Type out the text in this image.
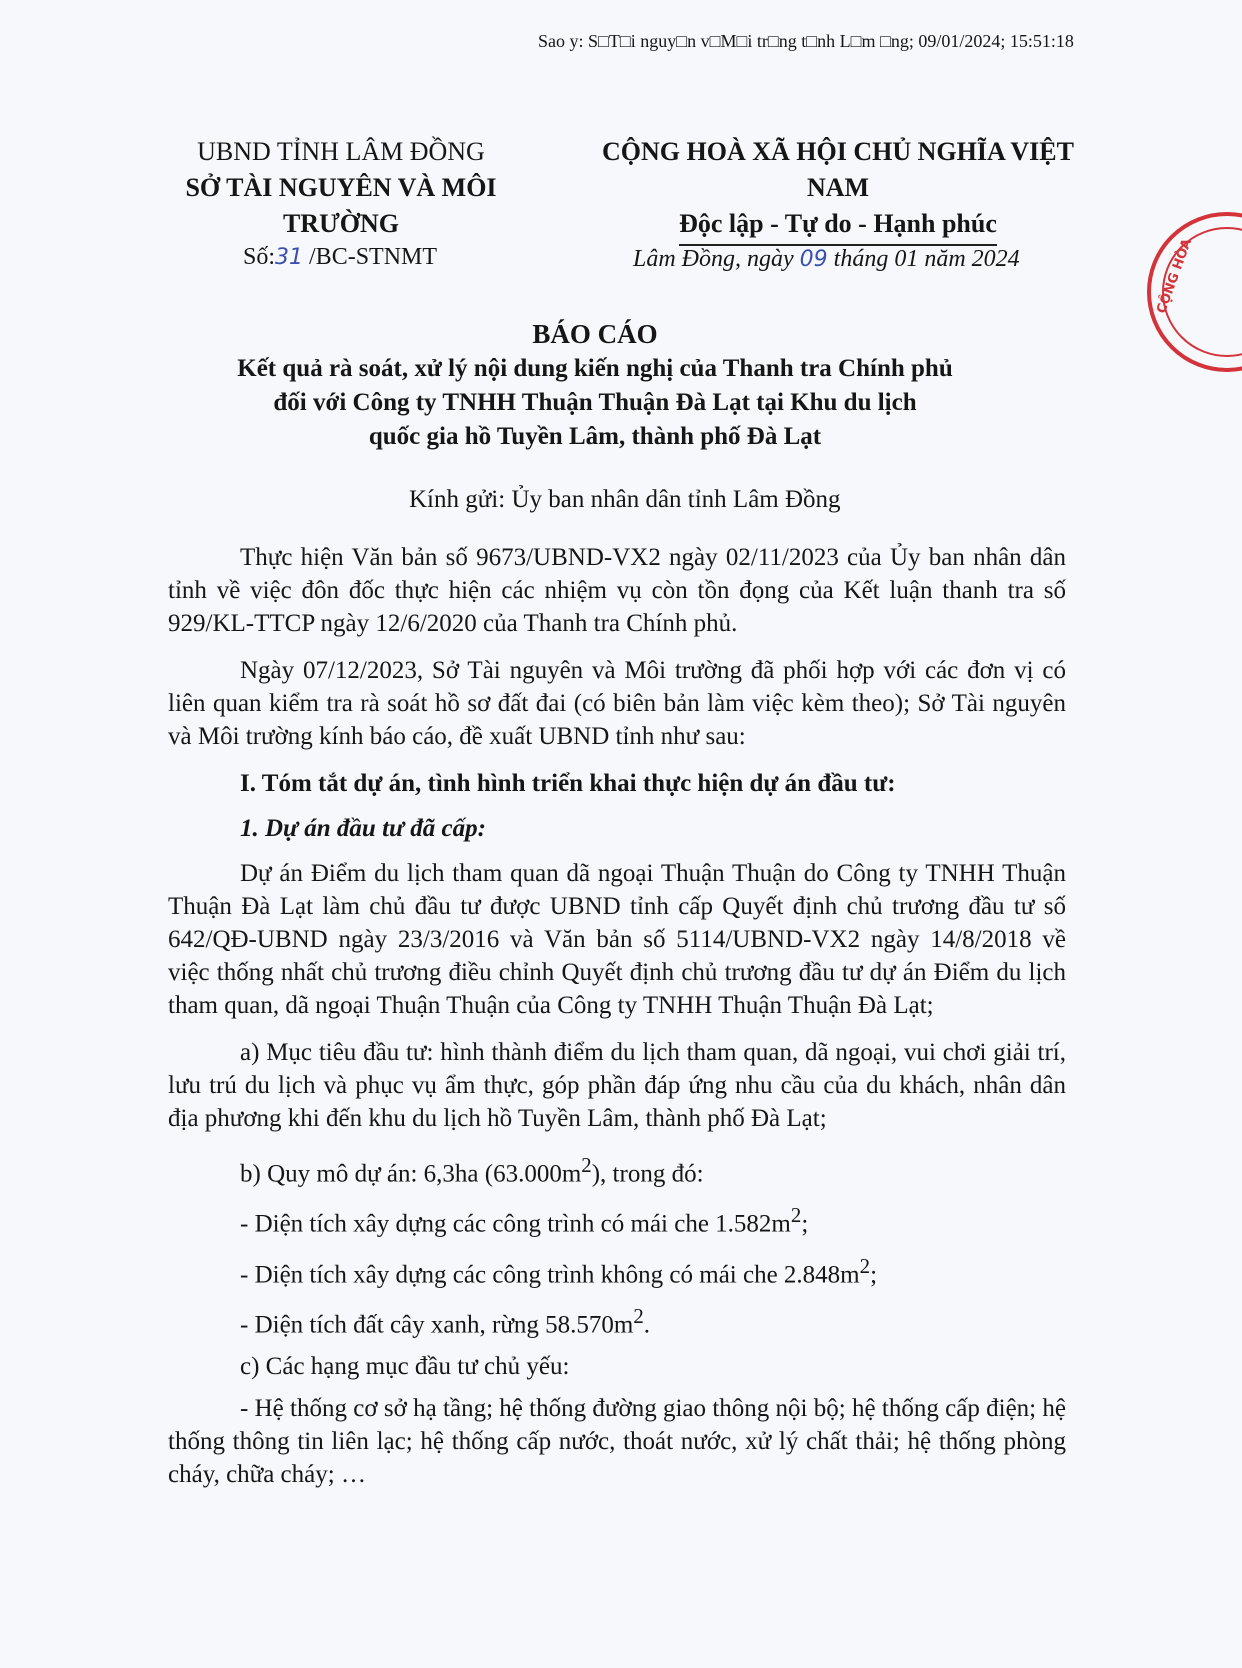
Sao y: S□T□i nguy□n v□M□i tr□ng t□nh L□m □ng; 09/01/2024; 15:51:18
UBND TỈNH LÂM ĐỒNG
SỞ TÀI NGUYÊN VÀ MÔI TRƯỜNG
CỘNG HOÀ XÃ HỘI CHỦ NGHĨA VIỆT NAM
Độc lập - Tự do - Hạnh phúc
Số:31 /BC-STNMT	Lâm Đồng, ngày 09 tháng 01 năm 2024	CỘNG HÒA
BÁO CÁO
Kết quả rà soát, xử lý nội dung kiến nghị của Thanh tra Chính phủ
đối với Công ty TNHH Thuận Thuận Đà Lạt tại Khu du lịch
quốc gia hồ Tuyền Lâm, thành phố Đà Lạt
Kính gửi: Ủy ban nhân dân tỉnh Lâm Đồng

Thực hiện Văn bản số 9673/UBND-VX2 ngày 02/11/2023 của Ủy ban nhân dân tỉnh về việc đôn đốc thực hiện các nhiệm vụ còn tồn đọng của Kết luận thanh tra số 929/KL-TTCP ngày 12/6/2020 của Thanh tra Chính phủ.

Ngày 07/12/2023, Sở Tài nguyên và Môi trường đã phối hợp với các đơn vị có liên quan kiểm tra rà soát hồ sơ đất đai (có biên bản làm việc kèm theo); Sở Tài nguyên và Môi trường kính báo cáo, đề xuất UBND tỉnh như sau:

I. Tóm tắt dự án, tình hình triển khai thực hiện dự án đầu tư:
1. Dự án đầu tư đã cấp:

Dự án Điểm du lịch tham quan dã ngoại Thuận Thuận do Công ty TNHH Thuận Thuận Đà Lạt làm chủ đầu tư được UBND tỉnh cấp Quyết định chủ trương đầu tư số 642/QĐ-UBND ngày 23/3/2016 và Văn bản số 5114/UBND-VX2 ngày 14/8/2018 về việc thống nhất chủ trương điều chỉnh Quyết định chủ trương đầu tư dự án Điểm du lịch tham quan, dã ngoại Thuận Thuận của Công ty TNHH Thuận Thuận Đà Lạt;

a) Mục tiêu đầu tư: hình thành điểm du lịch tham quan, dã ngoại, vui chơi giải trí, lưu trú du lịch và phục vụ ẩm thực, góp phần đáp ứng nhu cầu của du khách, nhân dân địa phương khi đến khu du lịch hồ Tuyền Lâm, thành phố Đà Lạt;

b) Quy mô dự án: 6,3ha $(63.000m^2)$, trong đó:

- Diện tích xây dựng các công trình có mái che $1.582m^2$;

- Diện tích xây dựng các công trình không có mái che $2.848m^2$;

- Diện tích đất cây xanh, rừng $58.570m^2$.

c) Các hạng mục đầu tư chủ yếu:

- Hệ thống cơ sở hạ tầng; hệ thống đường giao thông nội bộ; hệ thống cấp điện; hệ thống thông tin liên lạc; hệ thống cấp nước, thoát nước, xử lý chất thải; hệ thống phòng cháy, chữa cháy; …
